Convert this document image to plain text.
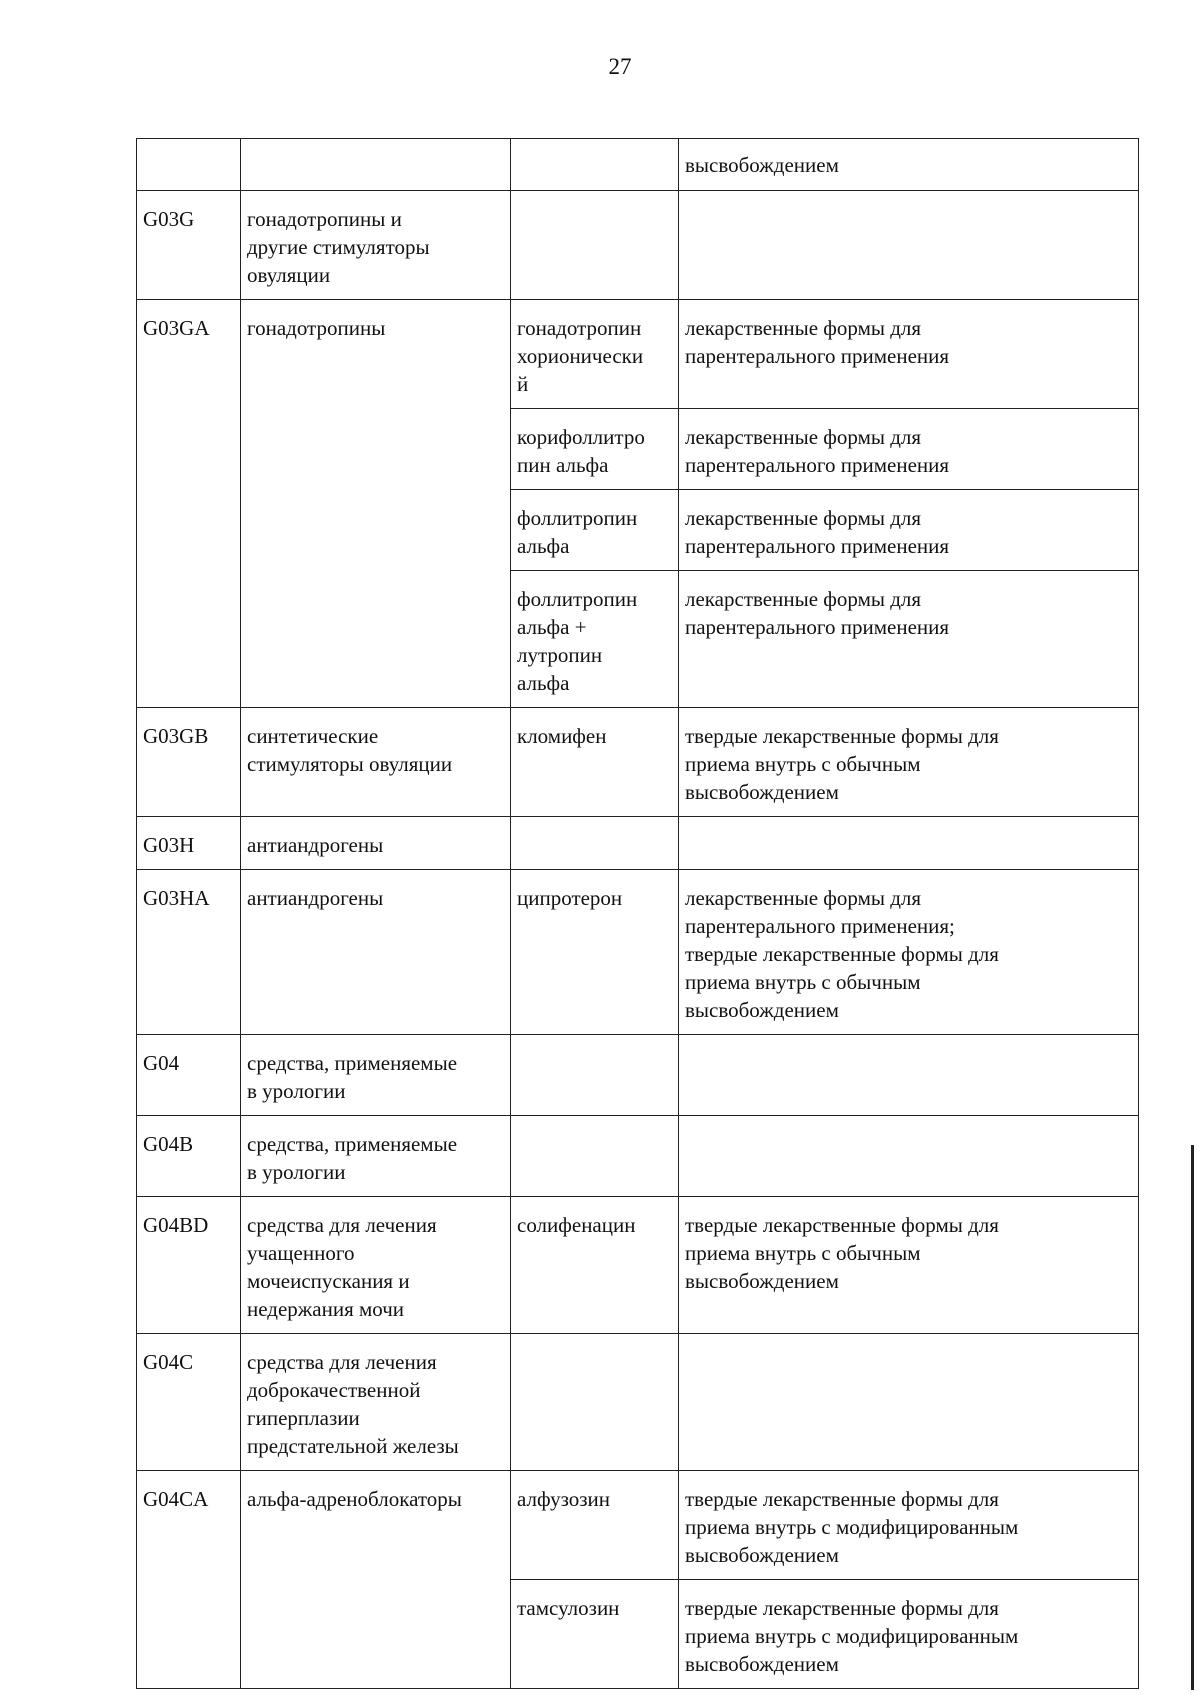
27
			высвобождением
G03G	гонадотропины и
другие стимуляторы
овуляции		
G03GA	гонадотропины	гонадотропин
хорионически
й	лекарственные формы для
парентерального применения
		корифоллитро
пин альфа	лекарственные формы для
парентерального применения
		фоллитропин
альфа	лекарственные формы для
парентерального применения
		фоллитропин
альфа +
лутропин
альфа	лекарственные формы для
парентерального применения
G03GB	синтетические
стимуляторы овуляции	кломифен	твердые лекарственные формы для
приема внутрь с обычным
высвобождением
G03H	антиандрогены		
G03HA	антиандрогены	ципротерон	лекарственные формы для
парентерального применения;
твердые лекарственные формы для
приема внутрь с обычным
высвобождением
G04	средства, применяемые
в урологии		
G04B	средства, применяемые
в урологии		
G04BD	средства для лечения
учащенного
мочеиспускания и
недержания мочи	солифенацин	твердые лекарственные формы для
приема внутрь с обычным
высвобождением
G04C	средства для лечения
доброкачественной
гиперплазии
предстательной железы		
G04CA	альфа-адреноблокаторы	алфузозин	твердые лекарственные формы для
приема внутрь с модифицированным
высвобождением
		тамсулозин	твердые лекарственные формы для
приема внутрь с модифицированным
высвобождением
